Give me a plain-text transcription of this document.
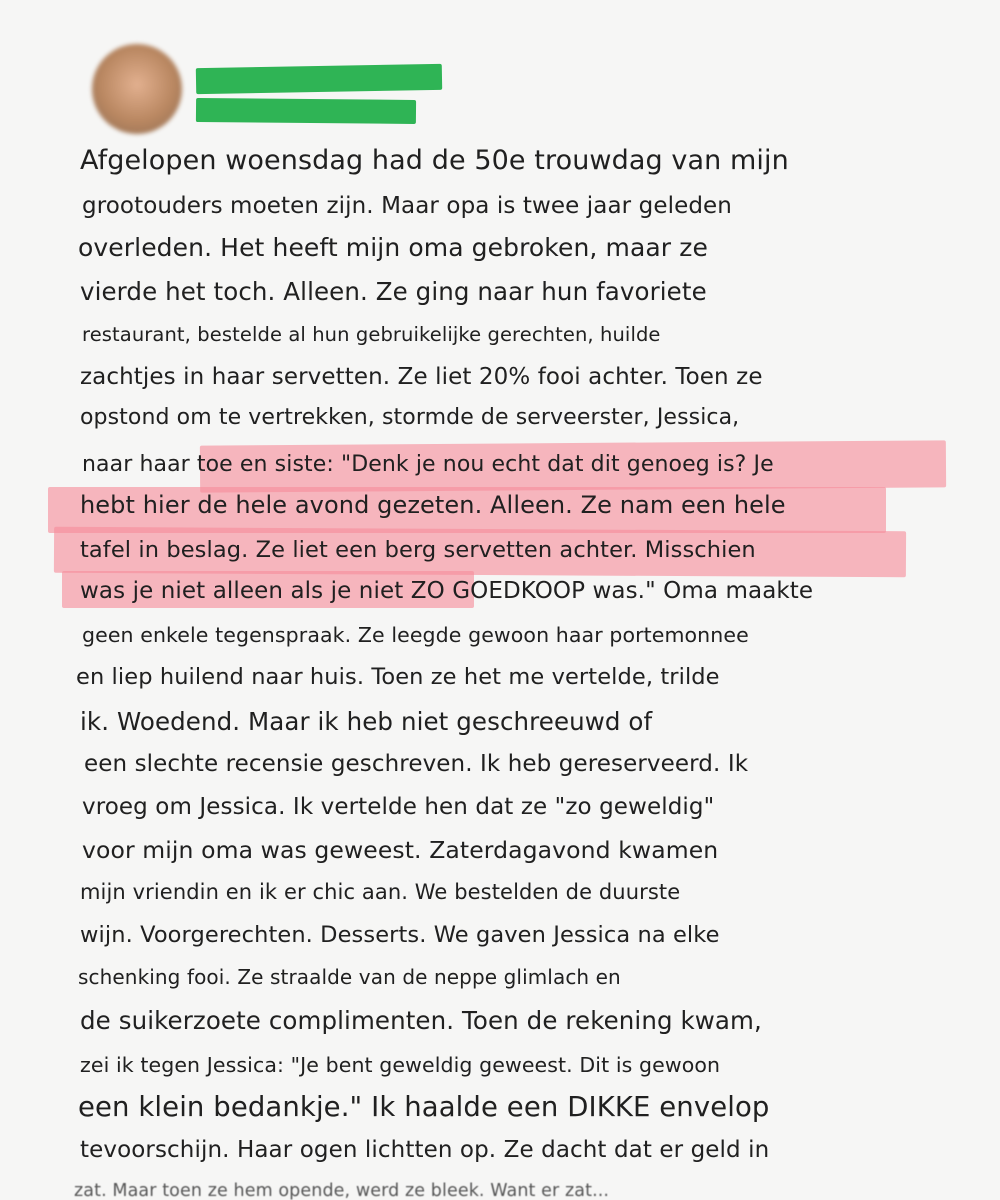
Afgelopen woensdag had de 50e trouwdag van mijn
grootouders moeten zijn. Maar opa is twee jaar geleden
overleden. Het heeft mijn oma gebroken, maar ze
vierde het toch. Alleen. Ze ging naar hun favoriete
restaurant, bestelde al hun gebruikelijke gerechten, huilde
zachtjes in haar servetten. Ze liet 20% fooi achter. Toen ze
opstond om te vertrekken, stormde de serveerster, Jessica,
naar haar toe en siste: "Denk je nou echt dat dit genoeg is? Je
hebt hier de hele avond gezeten. Alleen. Ze nam een hele
tafel in beslag. Ze liet een berg servetten achter. Misschien
was je niet alleen als je niet ZO GOEDKOOP was." Oma maakte
geen enkele tegenspraak. Ze leegde gewoon haar portemonnee
en liep huilend naar huis. Toen ze het me vertelde, trilde
ik. Woedend. Maar ik heb niet geschreeuwd of
een slechte recensie geschreven. Ik heb gereserveerd. Ik
vroeg om Jessica. Ik vertelde hen dat ze "zo geweldig"
voor mijn oma was geweest. Zaterdagavond kwamen
mijn vriendin en ik er chic aan. We bestelden de duurste
wijn. Voorgerechten. Desserts. We gaven Jessica na elke
schenking fooi. Ze straalde van de neppe glimlach en
de suikerzoete complimenten. Toen de rekening kwam,
zei ik tegen Jessica: "Je bent geweldig geweest. Dit is gewoon
een klein bedankje." Ik haalde een DIKKE envelop
tevoorschijn. Haar ogen lichtten op. Ze dacht dat er geld in
zat. Maar toen ze hem opende, werd ze bleek. Want er zat...
